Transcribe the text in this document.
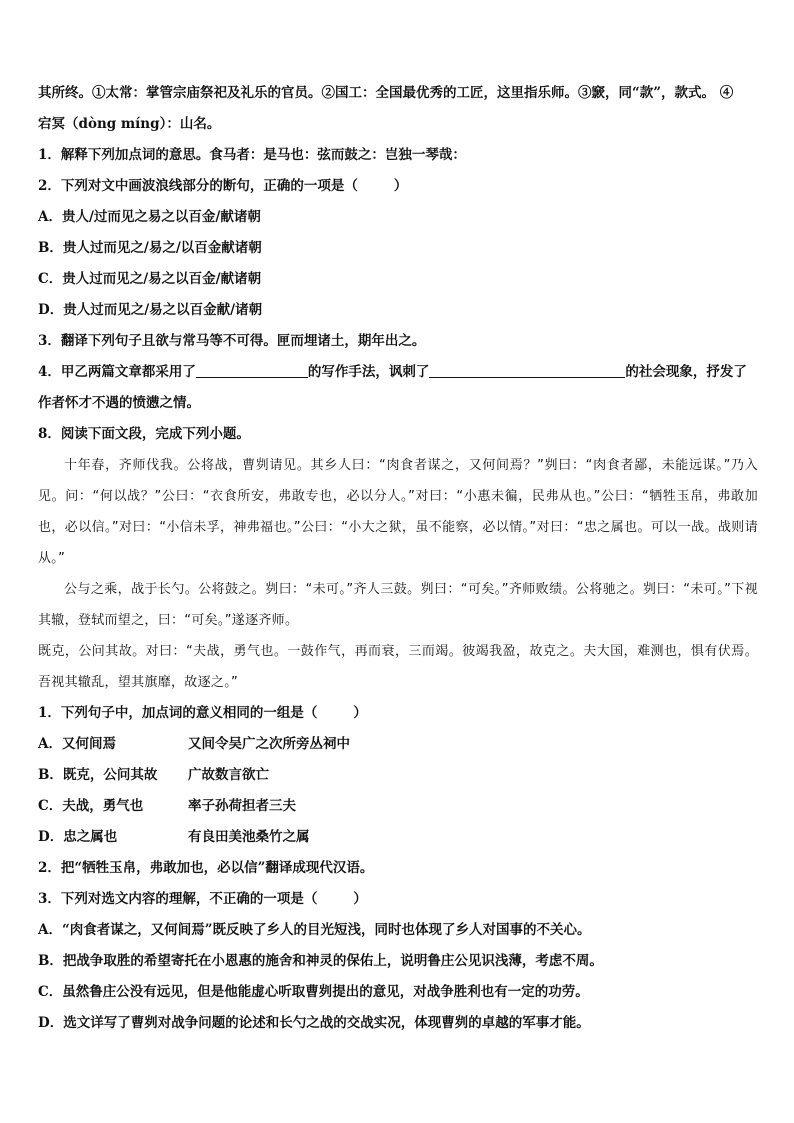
其所终。①太常：掌管宗庙祭祀及礼乐的官员。②国工：全国最优秀的工匠，这里指乐师。③窾，同“款”，款式。 ④
宕冥（dòng míng）：山名。
1．解释下列加点词的意思。食马者：是马也：弦而鼓之：岂独一琴哉：
2．下列对文中画波浪线部分的断句，正确的一项是（	）
A．贵人/过而见之易之以百金/献诸朝
B．贵人过而见之/易之/以百金献诸朝
C．贵人过而见之/易之以百金/献诸朝
D．贵人过而见之/易之以百金献/诸朝
3．翻译下列句子且欲与常马等不可得。匣而埋诸土，期年出之。
4．甲乙两篇文章都采用了	的写作手法，讽刺了	的社会现象，抒发了
作者怀才不遇的愤懑之情。
8．阅读下面文段，完成下列小题。
十年春，齐师伐我。公将战，曹刿请见。其乡人曰：“肉食者谋之，又何间焉？”刿曰：“肉食者鄙，未能远谋。”乃入见。问：“何以战？”公曰：“衣食所安，弗敢专也，必以分人。”对曰：“小惠未徧，民弗从也。”公曰：“牺牲玉帛，弗敢加也，必以信。”对曰：“小信未孚，神弗福也。”公曰：“小大之狱，虽不能察，必以情。”对曰：“忠之属也。可以一战。战则请从。”
公与之乘，战于长勺。公将鼓之。刿曰：“未可。”齐人三鼓。刿曰：“可矣。”齐师败绩。公将驰之。刿曰：“未可。”下视其辙，登轼而望之，曰：“可矣。”遂逐齐师。
既克，公问其故。对曰：“夫战，勇气也。一鼓作气，再而衰，三而竭。彼竭我盈，故克之。夫大国，难测也，惧有伏焉。吾视其辙乱，望其旗靡，故逐之。”
1．下列句子中，加点词的意义相同的一组是（	）
A．又何间焉	又间令吴广之次所旁丛祠中
B．既克，公问其故 广故数言欲亡
C．夫战，勇气也	率子孙荷担者三夫
D．忠之属也	有良田美池桑竹之属
2．把“牺牲玉帛，弗敢加也，必以信”翻译成现代汉语。
3．下列对选文内容的理解，不正确的一项是（	）
A．“肉食者谋之，又何间焉”既反映了乡人的目光短浅，同时也体现了乡人对国事的不关心。
B．把战争取胜的希望寄托在小恩惠的施舍和神灵的保佑上，说明鲁庄公见识浅薄，考虑不周。
C．虽然鲁庄公没有远见，但是他能虚心听取曹刿提出的意见，对战争胜利也有一定的功劳。
D．选文详写了曹刿对战争问题的论述和长勺之战的交战实况，体现曹刿的卓越的军事才能。
